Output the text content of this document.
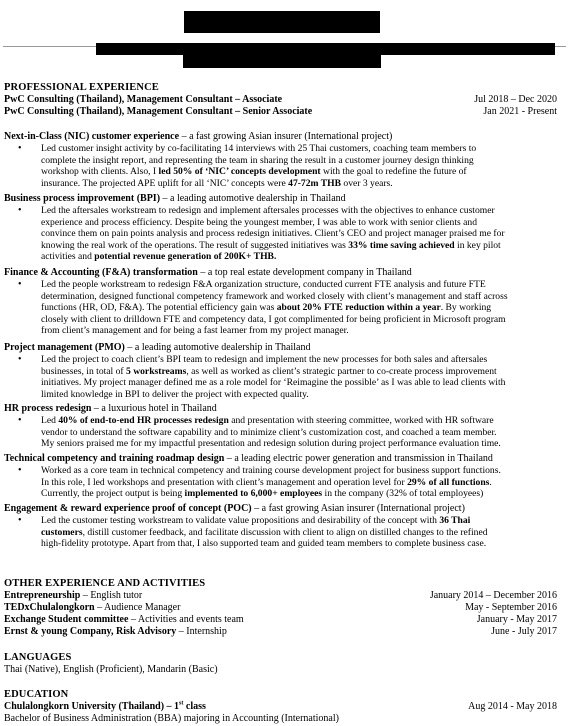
PROFESSIONAL EXPERIENCE
PwC Consulting (Thailand), Management Consultant – Associate	Jul 2018 – Dec 2020
PwC Consulting (Thailand), Management Consultant – Senior Associate	Jan 2021 - Present
Next-in-Class (NIC) customer experience – a fast growing Asian insurer (International project)
• Led customer insight activity by co-facilitating 14 interviews with 25 Thai customers, coaching team members to
complete the insight report, and representing the team in sharing the result in a customer journey design thinking
workshop with clients. Also, I led 50% of ‘NIC’ concepts development with the goal to redefine the future of
insurance. The projected APE uplift for all ‘NIC’ concepts were 47-72m THB over 3 years.
Business process improvement (BPI) – a leading automotive dealership in Thailand
• Led the aftersales workstream to redesign and implement aftersales processes with the objectives to enhance customer
experience and process efficiency. Despite being the youngest member, I was able to work with senior clients and
convince them on pain points analysis and process redesign initiatives. Client’s CEO and project manager praised me for
knowing the real work of the operations. The result of suggested initiatives was 33% time saving achieved in key pilot
activities and potential revenue generation of 200K+ THB.
Finance & Accounting (F&A) transformation – a top real estate development company in Thailand
• Led the people workstream to redesign F&A organization structure, conducted current FTE analysis and future FTE
determination, designed functional competency framework and worked closely with client’s management and staff across
functions (HR, OD, F&A). The potential efficiency gain was about 20% FTE reduction within a year. By working
closely with client to drilldown FTE and competency data, I got complimented for being proficient in Microsoft program
from client’s management and for being a fast learner from my project manager.
Project management (PMO) – a leading automotive dealership in Thailand
• Led the project to coach client’s BPI team to redesign and implement the new processes for both sales and aftersales
businesses, in total of 5 workstreams, as well as worked as client’s strategic partner to co-create process improvement
initiatives. My project manager defined me as a role model for ‘Reimagine the possible’ as I was able to lead clients with
limited knowledge in BPI to deliver the project with expected quality.
HR process redesign – a luxurious hotel in Thailand
• Led 40% of end-to-end HR processes redesign and presentation with steering committee, worked with HR software
vendor to understand the software capability and to minimize client’s customization cost, and coached a team member.
My seniors praised me for my impactful presentation and redesign solution during project performance evaluation time.
Technical competency and training roadmap design – a leading electric power generation and transmission in Thailand
• Worked as a core team in technical competency and training course development project for business support functions.
In this role, I led workshops and presentation with client’s management and operation level for 29% of all functions.
Currently, the project output is being implemented to 6,000+ employees in the company (32% of total employees)
Engagement & reward experience proof of concept (POC) – a fast growing Asian insurer (International project)
• Led the customer testing workstream to validate value propositions and desirability of the concept with 36 Thai
customers, distill customer feedback, and facilitate discussion with client to align on distilled changes to the refined
high-fidelity prototype. Apart from that, I also supported team and guided team members to complete business case.
OTHER EXPERIENCE AND ACTIVITIES
Entrepreneurship – English tutor	January 2014 – December 2016
TEDxChulalongkorn – Audience Manager	May - September 2016
Exchange Student committee – Activities and events team	January - May 2017
Ernst & young Company, Risk Advisory – Internship	June - July 2017
LANGUAGES
Thai (Native), English (Proficient), Mandarin (Basic)
EDUCATION
Chulalongkorn University (Thailand) – 1st class	Aug 2014 - May 2018
Bachelor of Business Administration (BBA) majoring in Accounting (International)
